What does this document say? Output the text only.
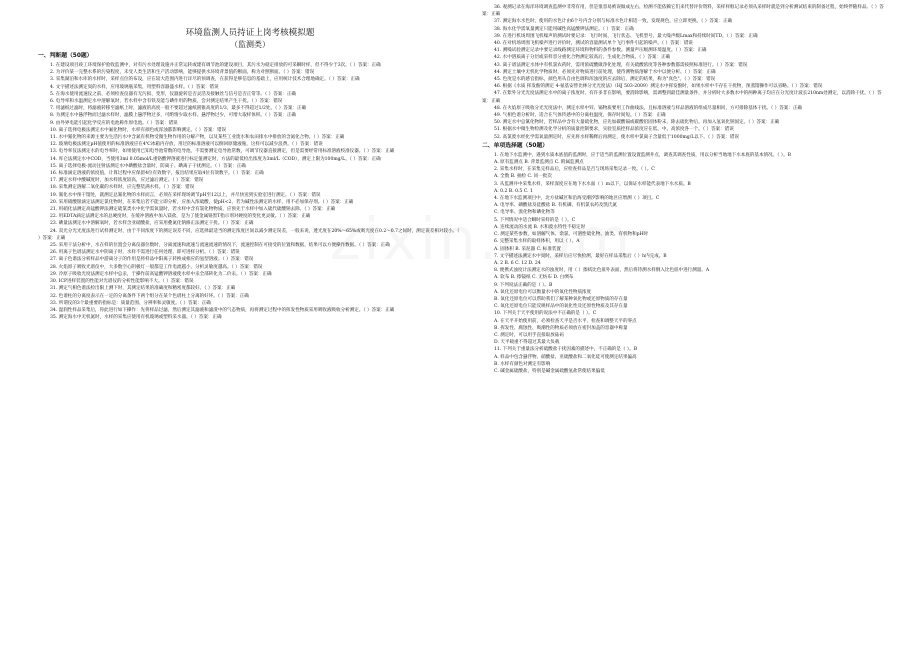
环境监测人员持证上岗考核模拟题
（监测类）
一、判断题（50题）
1. 在建设项目竣工环境保护验收监测中，对有污水处理设施并正常运转或建有调节池的建设项目，其污水为稳定排放的可采瞬时样，但不得少于3次。（ ）答案：正确
2. 为评价某一完整水系的污染程度，未受人类生活和生产活动影响，能够提供水环境背景值的断面，称为对照断面。（ ）答案：错误
3. 采集湖泊和水库的水样时，采样点位的布设，应在较大范围内进行详尽的预调查，在获得足够信息的基础上，应用统计技术合理地确定。（ ）答案：正确
4. 文字描述法测定臭的水样，应用玻璃瓶采集，用塑料容器盛水样。（ ）答案：错误
5. 在海水使用流速仪之前，必须检查仪器有无污损、变形，仪器旋转是否灵活及接触丝与信号是否正常等。（ ）答案：正确
6. 电导率和水温测定水中溶解氧时，若水样中含有铁及能与碘作用的物质，会对测定结果产生干扰。（ ）答案：错误
7. 用滤纸过滤时，将滤液转移至滤纸上时，滤液的高度一般不要超过滤纸圆锥高度的1/3，最多不得超过1/2处。（ ）答案：正确
8. 为测定水中悬浮物而过滤水样时，滤膜上悬浮物过多，可酌情少取水样。悬浮物过少，可增大取样体积。（ ）答案：正确
9. 由外界电能引起化学反应的电池称作原电池。（ ）答案：错误
10. 离子选择电极法测定水中氟化物时，水样有颜色或浑浊都影响测定。（ ）答案：错误
11. 水中氰化物的来源主要为生活污水中含氮有机物受微生物作用的分解产物，以及某些工业废水和农田排水中排放的含氮化合物。（ ）答案：正确
12. 玻璃电极法测定pH值使用的标准溶液应在4℃冰箱内存放，用过的标准溶液可以倒回原储液瓶，这样可以减少浪费。（ ）答案：错误
13. 电导率仪法测定水的电导率时，如果使用已知电导池常数的电导池，不需要测定电导池常数，可调节仪器直接测定，但是需要经常用标准溶液校准仪器。（ ）答案：正确
14. 库仑法测定水中COD，当使用3ml 0.05mol/L重铬酸钾溶液进行标定值测定时，方法的最低检出浓度为3ml/L（COD），测定上限为100mg/L。（ ）答案：正确
15. 离子选择电极-流动注射法测定水中碘酸盐含量时，防离子、碘离子干扰测定。（ ）答案：正确
16. 标准滴定溶液的浓度值，计算过程中应保留4位有效数字，报出结果应取4位有效数字。（ ）答案：正确
17. 测定水样中酸碱度时，加水样浓度较高，应过滤后测定。（ ）答案：错误
18. 采集测定溶解二氧化碳的水样时，应完整装满水样。（ ）答案：错误
19. 氰化水中预干馏处，就测定总氰化物的水样而言，必须在采样现场调节pH至12以上，并尽快送到实验室进行测定。（ ）答案：错误
20. 采用硝酸银滴定法测定氯化物时，在采集后若不能立即分析，应加入浓硫酸，使pH<2，若为碱性法测定的水样，用不必加保存剂。（ ）答案：正确
21. 用硝化法测定高锰酸钾法测定硫氯类水中化学需氧量时，若水样中含有氯化物物质，应预先于水样中加入硫代硫酸钠去除。（ ）答案：正确
22. 用EDTA滴定法测定水的总硬度时，在缓冲溶液中加入镁盐，是为了使金属铬黑T指示剂对硬度的变化更灵敏。（ ）答案：正确
23. 碘量法测定水中溶解氧时，若水样含亚硝酸盐，应采用叠氮化钠修正法测定干扰。（ ）答案：正确
24. 双光分光光度法进行试样测定时，由于不同浓度下的测定误差不同，应选择最适当的测定浓度区间以减少测定误差，一般来说，透光度在20%～65%或吸光度在0.2～0.7之间时，测定误差相对较小。（ ）答案：正确
25. 采用干法分析中，水在样的位置会分离仪器位数时，分离流速和流速与流速流速的情况下，流速控制在可接受的位置和数据，结果可以方便操作数据。（ ）答案：正确
26. 用离子色谱法测定水中阴离子时，水样不需进行任何处理，即可进样分析。（ ）答案：错误
27. 离子色谱法分析样品中游离分子的作用是将样品中阳离子转换成相应的氢型溶液。（ ）答案：错误
28. 火焰原子吸收光谱仪中，大多数空心阴极灯一般都是工作电流越小，分析灵敏度越高。（ ）答案：错误
29. 冷原子吸收光度法测定水样中总汞，于操作前高锰酸钾溶液使水样中汞全部转化为二价汞。（ ）答案：正确
30. ICP进样装置的性能对光谱仪的分析性能影响不大。（ ）答案：错误
31. 测定气相色谱法检出限上测下时，其测定结果的准确度和精密度都较好。（ ）答案：正确
32. 色谱柱的分离度表示在一定的分离条件下两个组分在某个色谱柱上分离的好坏。（ ）答案：正确
33. 所谓仪的3个最重要的指标是：质量范围、分辨率和灵敏度。（ ）答案：正确
34. 湿润性样品采集后，你此进行如下操作：先将样品过滤，然后测定其滤液和滤渣中的气态物质，再将测定过程中的挥发性物质采用吸收液吸收分析测定。（ ）答案：正确
35. 测定海水中无机氮时，水样的采集应使用有机玻璃或塑料采水器。（ ）答案：正确
36. 观测记录在海洋环境调查监测中非常有用，但是很容易被误做成左右，检测不能依赖它们来代替评价资料，采样样框记录必须从采样时就是到分析测试结束的制备过程，始终伴随样品。（ ）答案：正确
37. 测定海水水色时，使用的水色计由6个号内含分别与标准水色计相适一致，发现规色，应立即更换。（ ）答案：正确
38. 海水化学需氧量测定只能用碱性高锰酸钾法测定。（ ）答案：正确
39. 在进行机场周围飞机噪声的测试时要记录：飞行时间、飞行状态、飞机型号、最大噪声级Lmax和持续时间TD。（ ）答案：正确
40. 在对机场周围飞机噪声进行评价时，测试的容量测试单个飞行事件引起的噪声。（ ）答案：错误
41. 测噪试验测定记录中要记录线路测定环境和物料的条件参数。测量声压级测环境温度。（ ）答案：正确
42. 水中溶质离子分层或采样容分重化合物测定较高后，生成化合物质。（ ）答案：正确
43. 离子谱法测定水体中有机氯农药时，需用浓硫酸做净化处理，有关硫酸浓度等各种参数都需按照标准进行。（ ）答案：错误
44. 测定土壤中无机化学物质时，必须先对物质进行前处理，使待测物质溶解于水中以便分析。（ ）答案：正确
45. 色度是水的感官指标，颜色用从自由色调和浑浊度的应去除后，测定的结果，称为"真色"。（ ）答案：错误
46. 根据《水质 挥发酚的测定 4-氨基安替比林分光光度法》（HJ 503-2009）测定水中挥发酚时，如果水样中不存在干扰物，预蒸馏操作可以省略。（ ）答案：错误
47. 在紫外分光光度法测定水中的离子浓度时，有许多非在影响，要消除影响，需调整到最佳测量条件，并分析时大多数水中的两种离子均应在分光度计波长210nm处测定，以消除干扰。（ ）答案：正确
48. 在火焰原子吸收分光光度法中，测定水样中锌、镉物质要用工作曲线法，且标准溶液与样品溶液的组成尽量相同，方可排除基体干扰。（ ）答案：正确
49. 气相色谱分析时，适合在气体传感中的分离柱温度，保存时间短。（ ）答案：正确
50. 测定水中总氰化物时，若样品中含有大量硫化物，应先加碳酸镉或碳酸铅固体粉末，除去硫化物后，再加入氢氧化钠固定。（ ）答案：正确
51. 根据水中微生物检测及化学分析的质量控制要求，实验室质控样品浓度应在低、中、高浓度各一个。（ ）答案：错误
52. 高氯废水经化学需氧量测定时，应先将水样稀释后再测定，使水样中氯离子含量低于1000mg/L以下。（ ）答案：错误
二、单项选择题（50题）
1. 在地下水监测中，遇到水质本底值的监测时，应于适当的监测位置设置监测井点，调查其调查性质，用以分析当地地下水本底的基本情况。（ ）。B
A. 原有监测点 B. 背景监测点 C. 附属监测点
2. 采集水样时，在采集完样品后，应检查样品是否与现场采集记录一致。（ ）。C
A. 全数 B. 抽检 C. 同一批次
3. 从监测井中采集水样，采样深度应在地下水水面（ ）m以下，以保证水样能代表地下水水质。B
A. 0.2 B. 0.5 C. 1
4. 在地下水监测项目中，北方盐碱区和沿海受潮汐影响的地区应增测（ ）项目。C
A. 电导率、磷酸盐及硅酸盐 B. 有机磷、有机氯农药及凯氏氮
C. 电导率、溴化物和碘化物等
5. 下列情况中适合瞬时采样的是（ ）。C
A. 连续流动的水流 B. 水和废水特性不稳定时
C. 测定某些参数，如溶解气体、余氯、可溶性硫化物、油类、有机物和pH时
6. 完整采集水样的取样体积，用以（ ）。A
A. 固体积 B. 采泥器 C. 标准装置
7. 文字描述法测定水中臭时，采样后应尽快检测，最好在样品采集后（ ）h内完成。B
A. 2 B. 6 C. 12 D. 24
8. 便携式浊度计法测定水的浊度时，用（ ）擦拭比色皿外表面，然后将待测水样倒入比色皿中进行测量。A
A. 软布 B. 擦镜纸 C. 无纺布 D. 白绸布
9. 下列说法正确的是（ ）。B
A. 氧化还原电位可以衡量水中的氧化性物质浓度
B. 氧化还原电位可以帮助我们了解某种氧化物或还原物质的存在量
C. 氧化还原电位只能反映样品中的氧化性及还原性物质及其存在量
10. 下列关于天平使用的说法中不正确的是（ ）。C
A. 在天平开始使用前，必须检查天平是否水平，检查和调整天平的零点
B. 挥发性、腐蚀性、吸潮性的物质必须放在密封加盖的容器中称量
C. 测定时，可以用手直接取放砝码
D. 天平载重不得超过其最大负载
11. 下列关于重量法分析硫酸盐干扰因素的描述中，不正确的是（ ）。B
A. 样品中包含悬浮物、硝酸盐、亚硫酸盐和二氧化硅可使测定结果偏高
B. 水样有颜色对测定有影响
C. 碱金属硫酸盐，特别是碱金属硫酸氢盐常使结果偏低
